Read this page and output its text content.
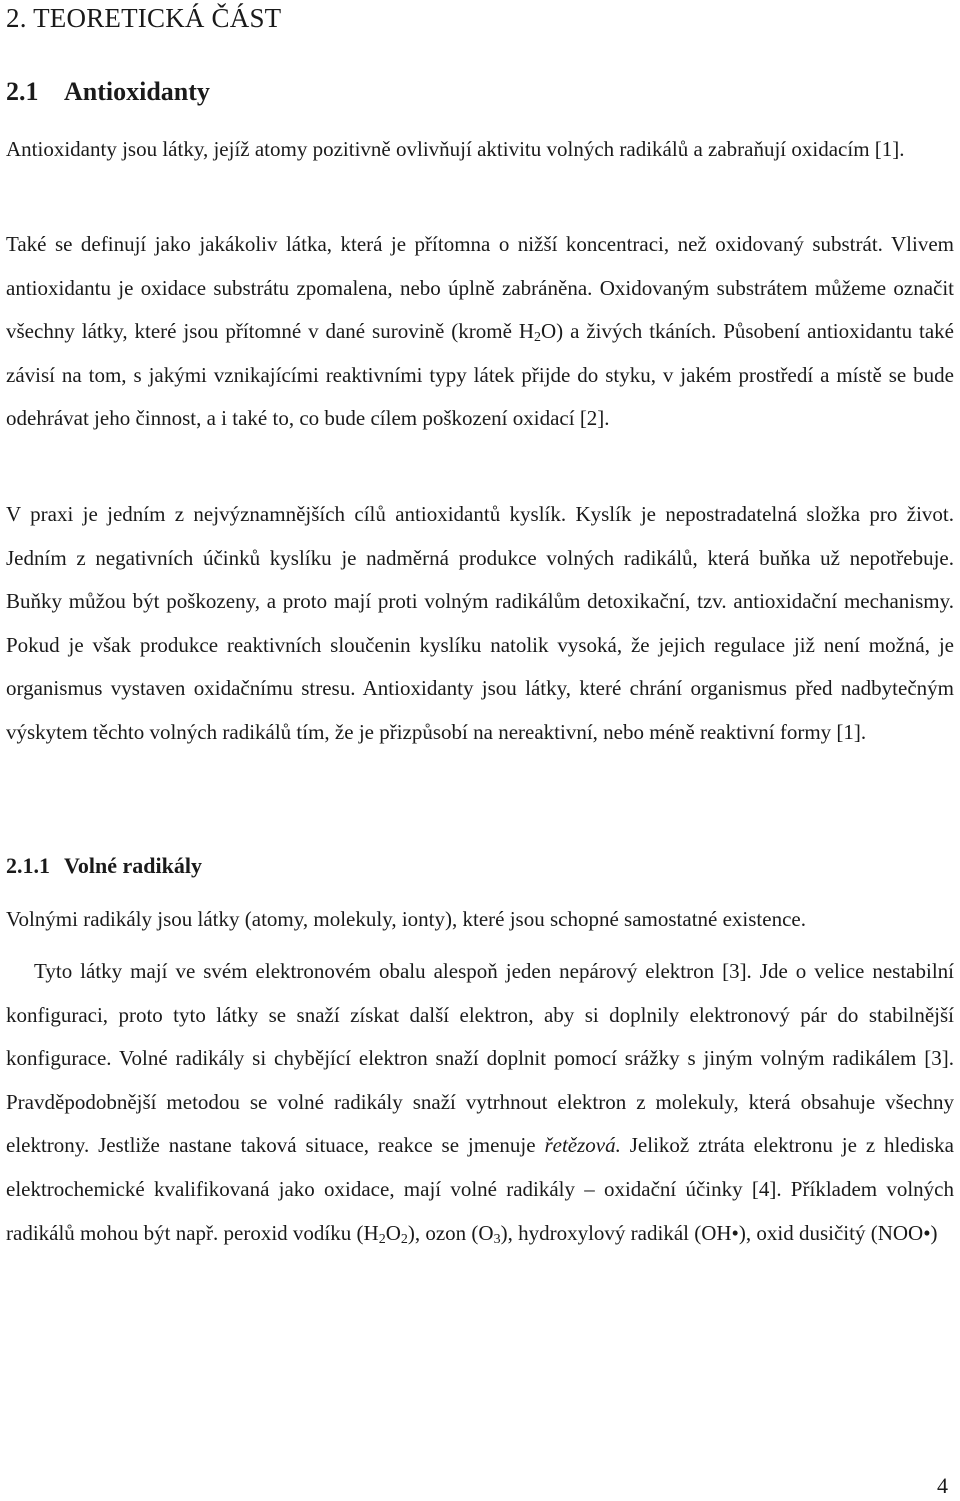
2. TEORETICKÁ ČÁST
2.1 Antioxidanty

Antioxidanty jsou látky, jejíž atomy pozitivně ovlivňují aktivitu volných radikálů a zabraňují oxidacím [1].

Také se definují jako jakákoliv látka, která je přítomna o nižší koncentraci, než oxidovaný substrát. Vlivem antioxidantu je oxidace substrátu zpomalena, nebo úplně zabráněna. Oxidovaným substrátem můžeme označit všechny látky, které jsou přítomné v dané surovině (kromě $H_2O$) a živých tkáních. Působení antioxidantu také závisí na tom, s jakými vznikajícími reaktivními typy látek přijde do styku, v jakém prostředí a místě se bude odehrávat jeho činnost, a i také to, co bude cílem poškození oxidací [2].

V praxi je jedním z nejvýznamnějších cílů antioxidantů kyslík. Kyslík je nepostradatelná složka pro život. Jedním z negativních účinků kyslíku je nadměrná produkce volných radikálů, která buňka už nepotřebuje. Buňky můžou být poškozeny, a proto mají proti volným radikálům detoxikační, tzv. antioxidační mechanismy. Pokud je však produkce reaktivních sloučenin kyslíku natolik vysoká, že jejich regulace již není možná, je organismus vystaven oxidačnímu stresu. Antioxidanty jsou látky, které chrání organismus před nadbytečným výskytem těchto volných radikálů tím, že je přizpůsobí na nereaktivní, nebo méně reaktivní formy [1].

2.1.1 Volné radikály

Volnými radikály jsou látky (atomy, molekuly, ionty), které jsou schopné samostatné existence.

Tyto látky mají ve svém elektronovém obalu alespoň jeden nepárový elektron [3]. Jde o velice nestabilní konfiguraci, proto tyto látky se snaží získat další elektron, aby si doplnily elektronový pár do stabilnější konfigurace. Volné radikály si chybějící elektron snaží doplnit pomocí srážky s jiným volným radikálem [3]. Pravděpodobnější metodou se volné radikály snaží vytrhnout elektron z molekuly, která obsahuje všechny elektrony. Jestliže nastane taková situace, reakce se jmenuje řetězová. Jelikož ztráta elektronu je z hlediska elektrochemické kvalifikovaná jako oxidace, mají volné radikály – oxidační účinky [4]. Příkladem volných radikálů mohou být např. peroxid vodíku $(H_2O_2)$, ozon $(O_3)$, hydroxylový radikál (OH•), oxid dusičitý (NOO•)

4
